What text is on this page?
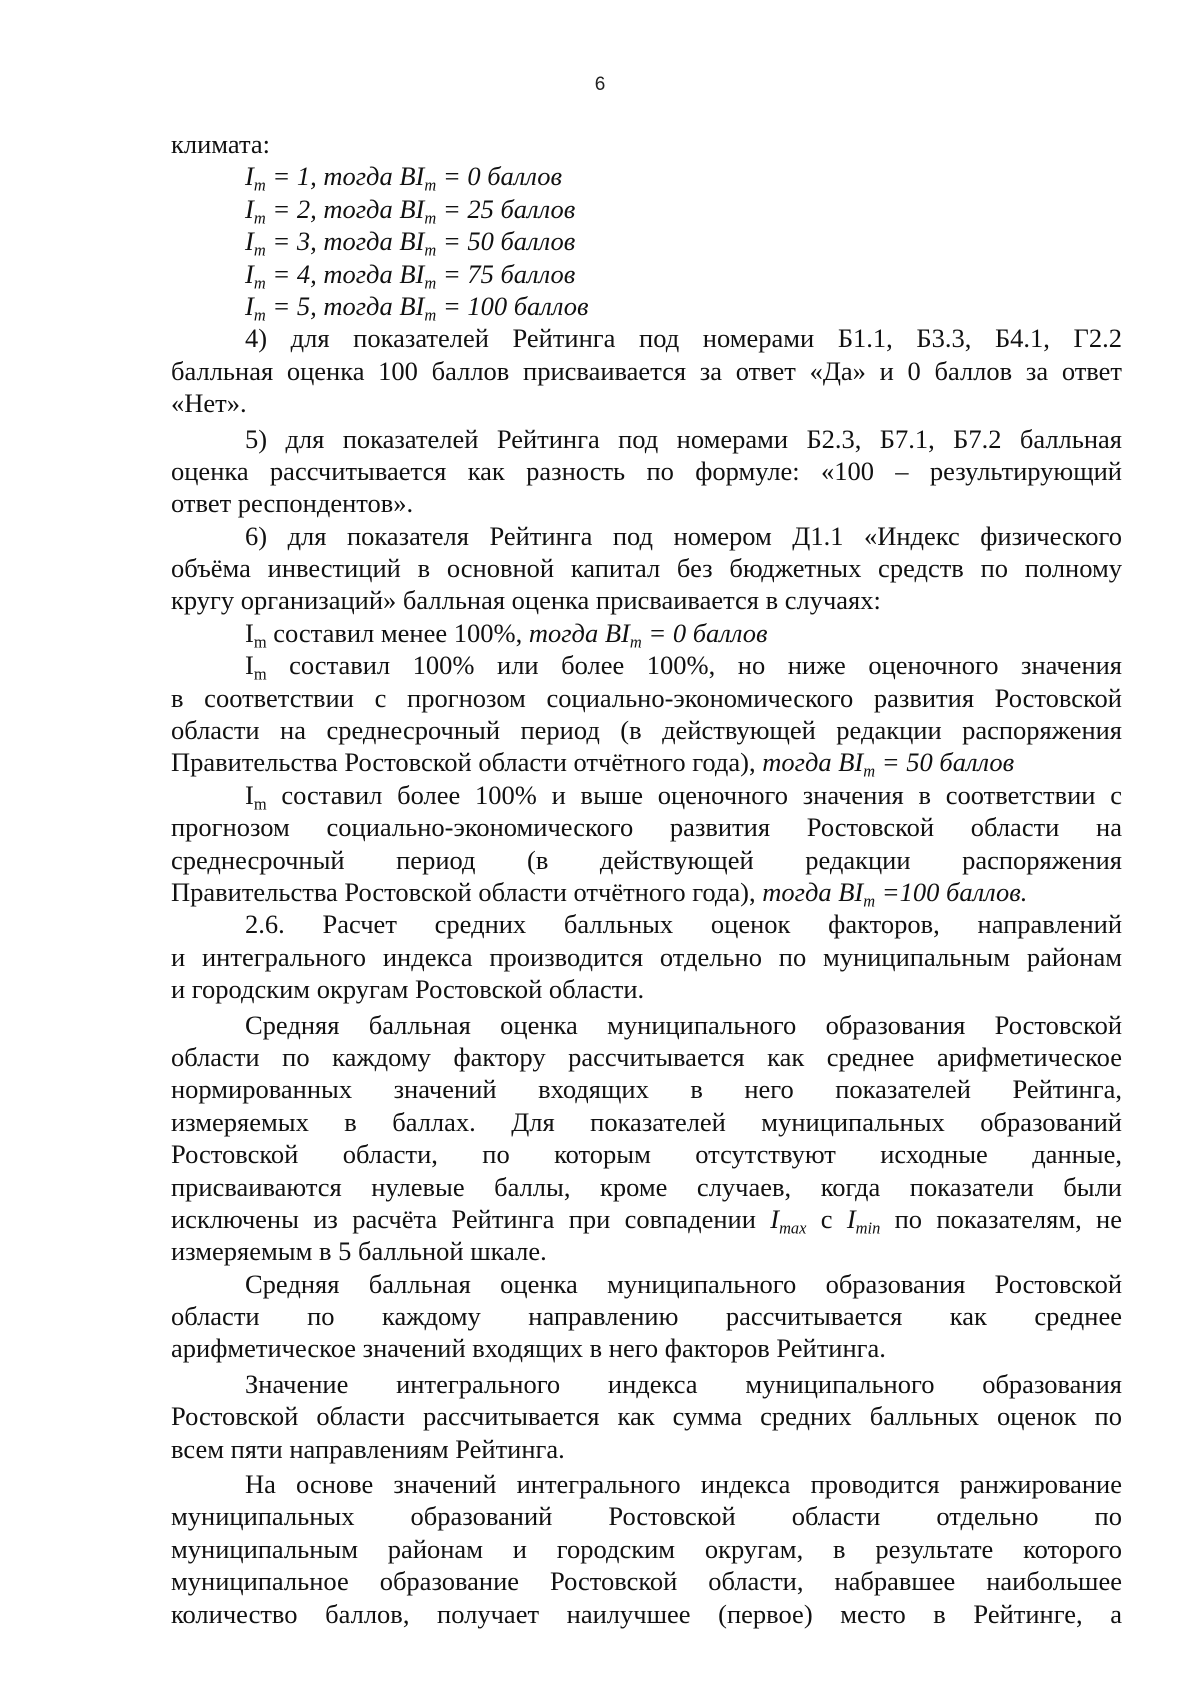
6

климата:

$I_m = 1$, тогда $BI_m = 0$ баллов

$I_m = 2$, тогда $BI_m = 25$ баллов

$I_m = 3$, тогда $BI_m = 50$ баллов

$I_m = 4$, тогда $BI_m = 75$ баллов

$I_m = 5$, тогда $BI_m = 100$ баллов

4) для показателей Рейтинга под номерами Б1.1, Б3.3, Б4.1, Г2.2

балльная оценка 100 баллов присваивается за ответ «Да» и 0 баллов за ответ

«Нет».

5) для показателей Рейтинга под номерами Б2.3, Б7.1, Б7.2 балльная

оценка рассчитывается как разность по формуле: «100 – результирующий

ответ респондентов».

6) для показателя Рейтинга под номером Д1.1 «Индекс физического

объёма инвестиций в основной капитал без бюджетных средств по полному

кругу организаций» балльная оценка присваивается в случаях:

$I_m$ составил менее 100%, тогда $BI_m = 0$ баллов

$I_m$ составил 100% или более 100%, но ниже оценочного значения

в соответствии с прогнозом социально-экономического развития Ростовской

области на среднесрочный период (в действующей редакции распоряжения

Правительства Ростовской области отчётного года), тогда $BI_m = 50$ баллов

$I_m$ составил более 100% и выше оценочного значения в соответствии с

прогнозом социально-экономического развития Ростовской области на

среднесрочный период (в действующей редакции распоряжения

Правительства Ростовской области отчётного года), тогда $BI_m =100$ баллов.

2.6. Расчет средних балльных оценок факторов, направлений

и интегрального индекса производится отдельно по муниципальным районам

и городским округам Ростовской области.

Средняя балльная оценка муниципального образования Ростовской

области по каждому фактору рассчитывается как среднее арифметическое

нормированных значений входящих в него показателей Рейтинга,

измеряемых в баллах. Для показателей муниципальных образований

Ростовской области, по которым отсутствуют исходные данные,

присваиваются нулевые баллы, кроме случаев, когда показатели были

исключены из расчёта Рейтинга при совпадении $I_{max}$ с $I_{min}$ по показателям, не

измеряемым в 5 балльной шкале.

Средняя балльная оценка муниципального образования Ростовской

области по каждому направлению рассчитывается как среднее

арифметическое значений входящих в него факторов Рейтинга.

Значение интегрального индекса муниципального образования

Ростовской области рассчитывается как сумма средних балльных оценок по

всем пяти направлениям Рейтинга.

На основе значений интегрального индекса проводится ранжирование

муниципальных образований Ростовской области отдельно по

муниципальным районам и городским округам, в результате которого

муниципальное образование Ростовской области, набравшее наибольшее

количество баллов, получает наилучшее (первое) место в Рейтинге, а
